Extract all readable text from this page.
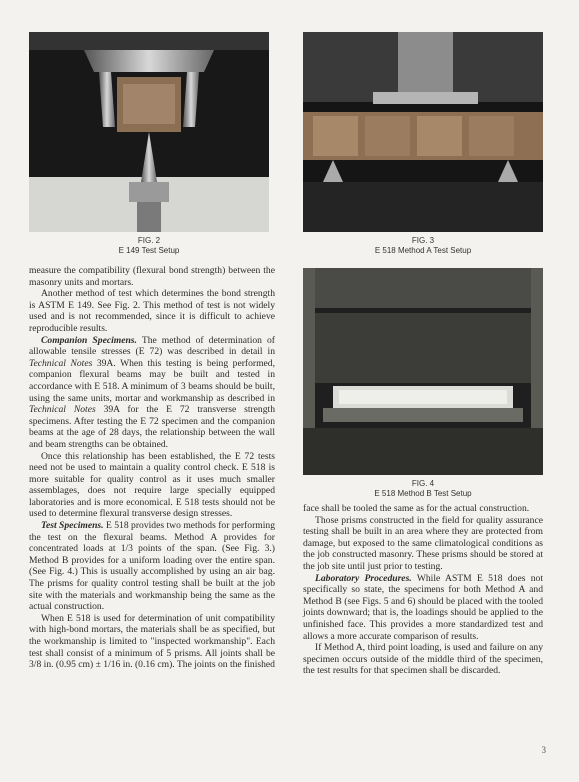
FIG. 2
E 149 Test Setup
FIG. 3
E 518 Method A Test Setup
FIG. 4
E 518 Method B Test Setup

measure the compatibility (flexural bond strength) between the masonry units and mortars.

Another method of test which determines the bond strength is ASTM E 149. See Fig. 2. This method of test is not widely used and is not recommended, since it is difficult to achieve reproducible results.

Companion Specimens. The method of determination of allowable tensile stresses (E 72) was described in detail in Technical Notes 39A. When this testing is being performed, companion flexural beams may be built and tested in accordance with E 518. A minimum of 3 beams should be built, using the same units, mortar and workmanship as described in Technical Notes 39A for the E 72 transverse strength specimens. After testing the E 72 specimen and the companion beams at the age of 28 days, the relationship between the wall and beam strengths can be obtained.

Once this relationship has been established, the E 72 tests need not be used to maintain a quality control check. E 518 is more suitable for quality control as it uses much smaller assemblages, does not require large specially equipped laboratories and is more economical. E 518 tests should not be used to determine flexural transverse design stresses.

Test Specimens. E 518 provides two methods for performing the test on the flexural beams. Method A provides for concentrated loads at 1/3 points of the span. (See Fig. 3.) Method B provides for a uniform loading over the entire span. (See Fig. 4.) This is usually accomplished by using an air bag. The prisms for quality control testing shall be built at the job site with the materials and workmanship being the same as the actual construction.

When E 518 is used for determination of unit compatibility with high-bond mortars, the materials shall be as specified, but the workmanship is limited to "inspected workmanship". Each test shall consist of a minimum of 5 prisms. All joints shall be 3/8 in. (0.95 cm) ± 1/16 in. (0.16 cm). The joints on the finished

face shall be tooled the same as for the actual construction.

Those prisms constructed in the field for quality assurance testing shall be built in an area where they are protected from damage, but exposed to the same climatological conditions as the job constructed masonry. These prisms should be stored at the job site until just prior to testing.

Laboratory Procedures. While ASTM E 518 does not specifically so state, the specimens for both Method A and Method B (see Figs. 5 and 6) should be placed with the tooled joints downward; that is, the loadings should be applied to the unfinished face. This provides a more standardized test and allows a more accurate comparison of results.

If Method A, third point loading, is used and failure on any specimen occurs outside of the middle third of the specimen, the test results for that specimen shall be discarded.

3
